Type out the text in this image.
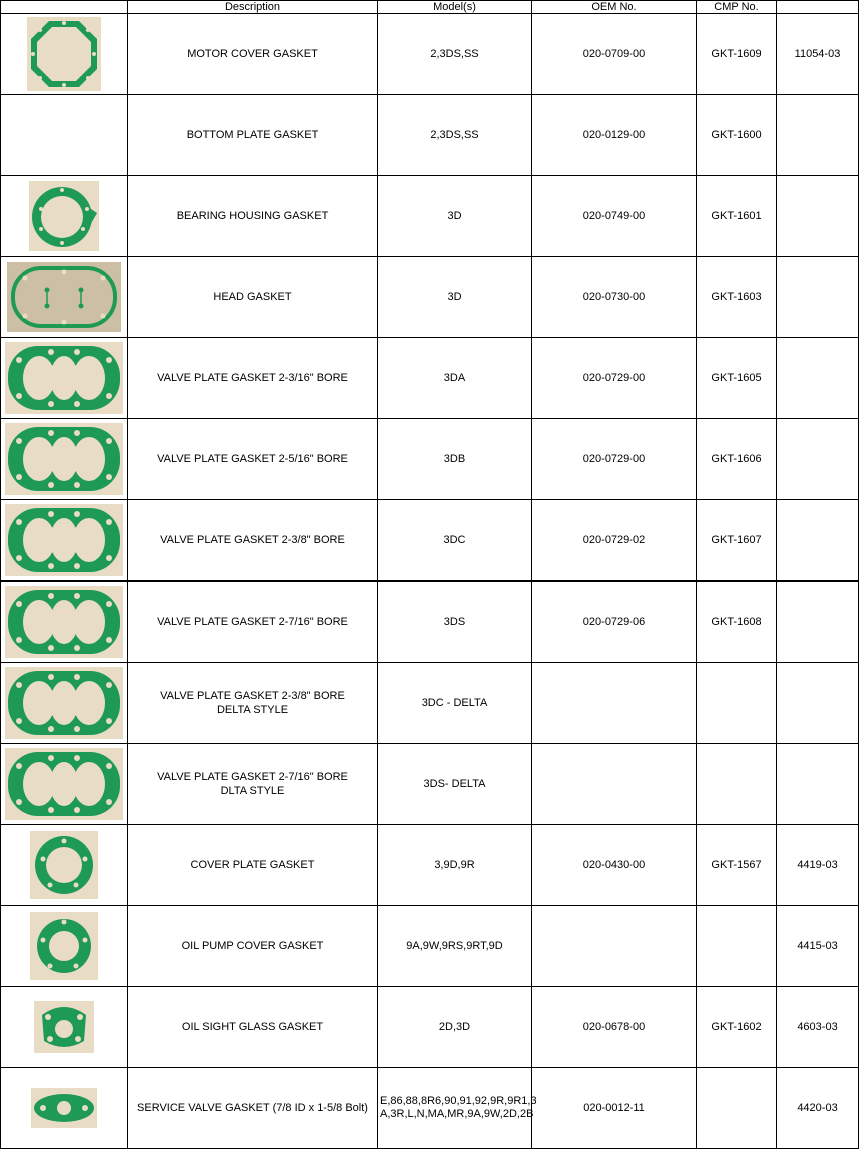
	Description	Model(s)	OEM No.	CMP No.	

	MOTOR COVER GASKET	2,3DS,SS	020-0709-00	GKT-1609	11054-03

	BOTTOM PLATE GASKET	2,3DS,SS	020-0129-00	GKT-1600	

	BEARING HOUSING GASKET	3D	020-0749-00	GKT-1601	

	HEAD GASKET	3D	020-0730-00	GKT-1603	

	VALVE PLATE GASKET 2-3/16" BORE	3DA	020-0729-00	GKT-1605	

	VALVE PLATE GASKET 2-5/16" BORE	3DB	020-0729-00	GKT-1606	

	VALVE PLATE GASKET 2-3/8" BORE	3DC	020-0729-02	GKT-1607	

	VALVE PLATE GASKET 2-7/16" BORE	3DS	020-0729-06	GKT-1608	

	VALVE PLATE GASKET 2-3/8" BORE
DELTA STYLE	3DC - DELTA			

	VALVE PLATE GASKET 2-7/16" BORE
DLTA STYLE	3DS- DELTA			

	COVER PLATE GASKET	3,9D,9R	020-0430-00	GKT-1567	4419-03

	OIL PUMP COVER GASKET	9A,9W,9RS,9RT,9D			4415-03

	OIL SIGHT GLASS GASKET	2D,3D	020-0678-00	GKT-1602	4603-03

	SERVICE VALVE GASKET (7/8 ID x 1-5/8 Bolt)	E,86,88,8R6,90,91,92,9R,9R1,3
A,3R,L,N,MA,MR,9A,9W,2D,2B	020-0012-11		4420-03
